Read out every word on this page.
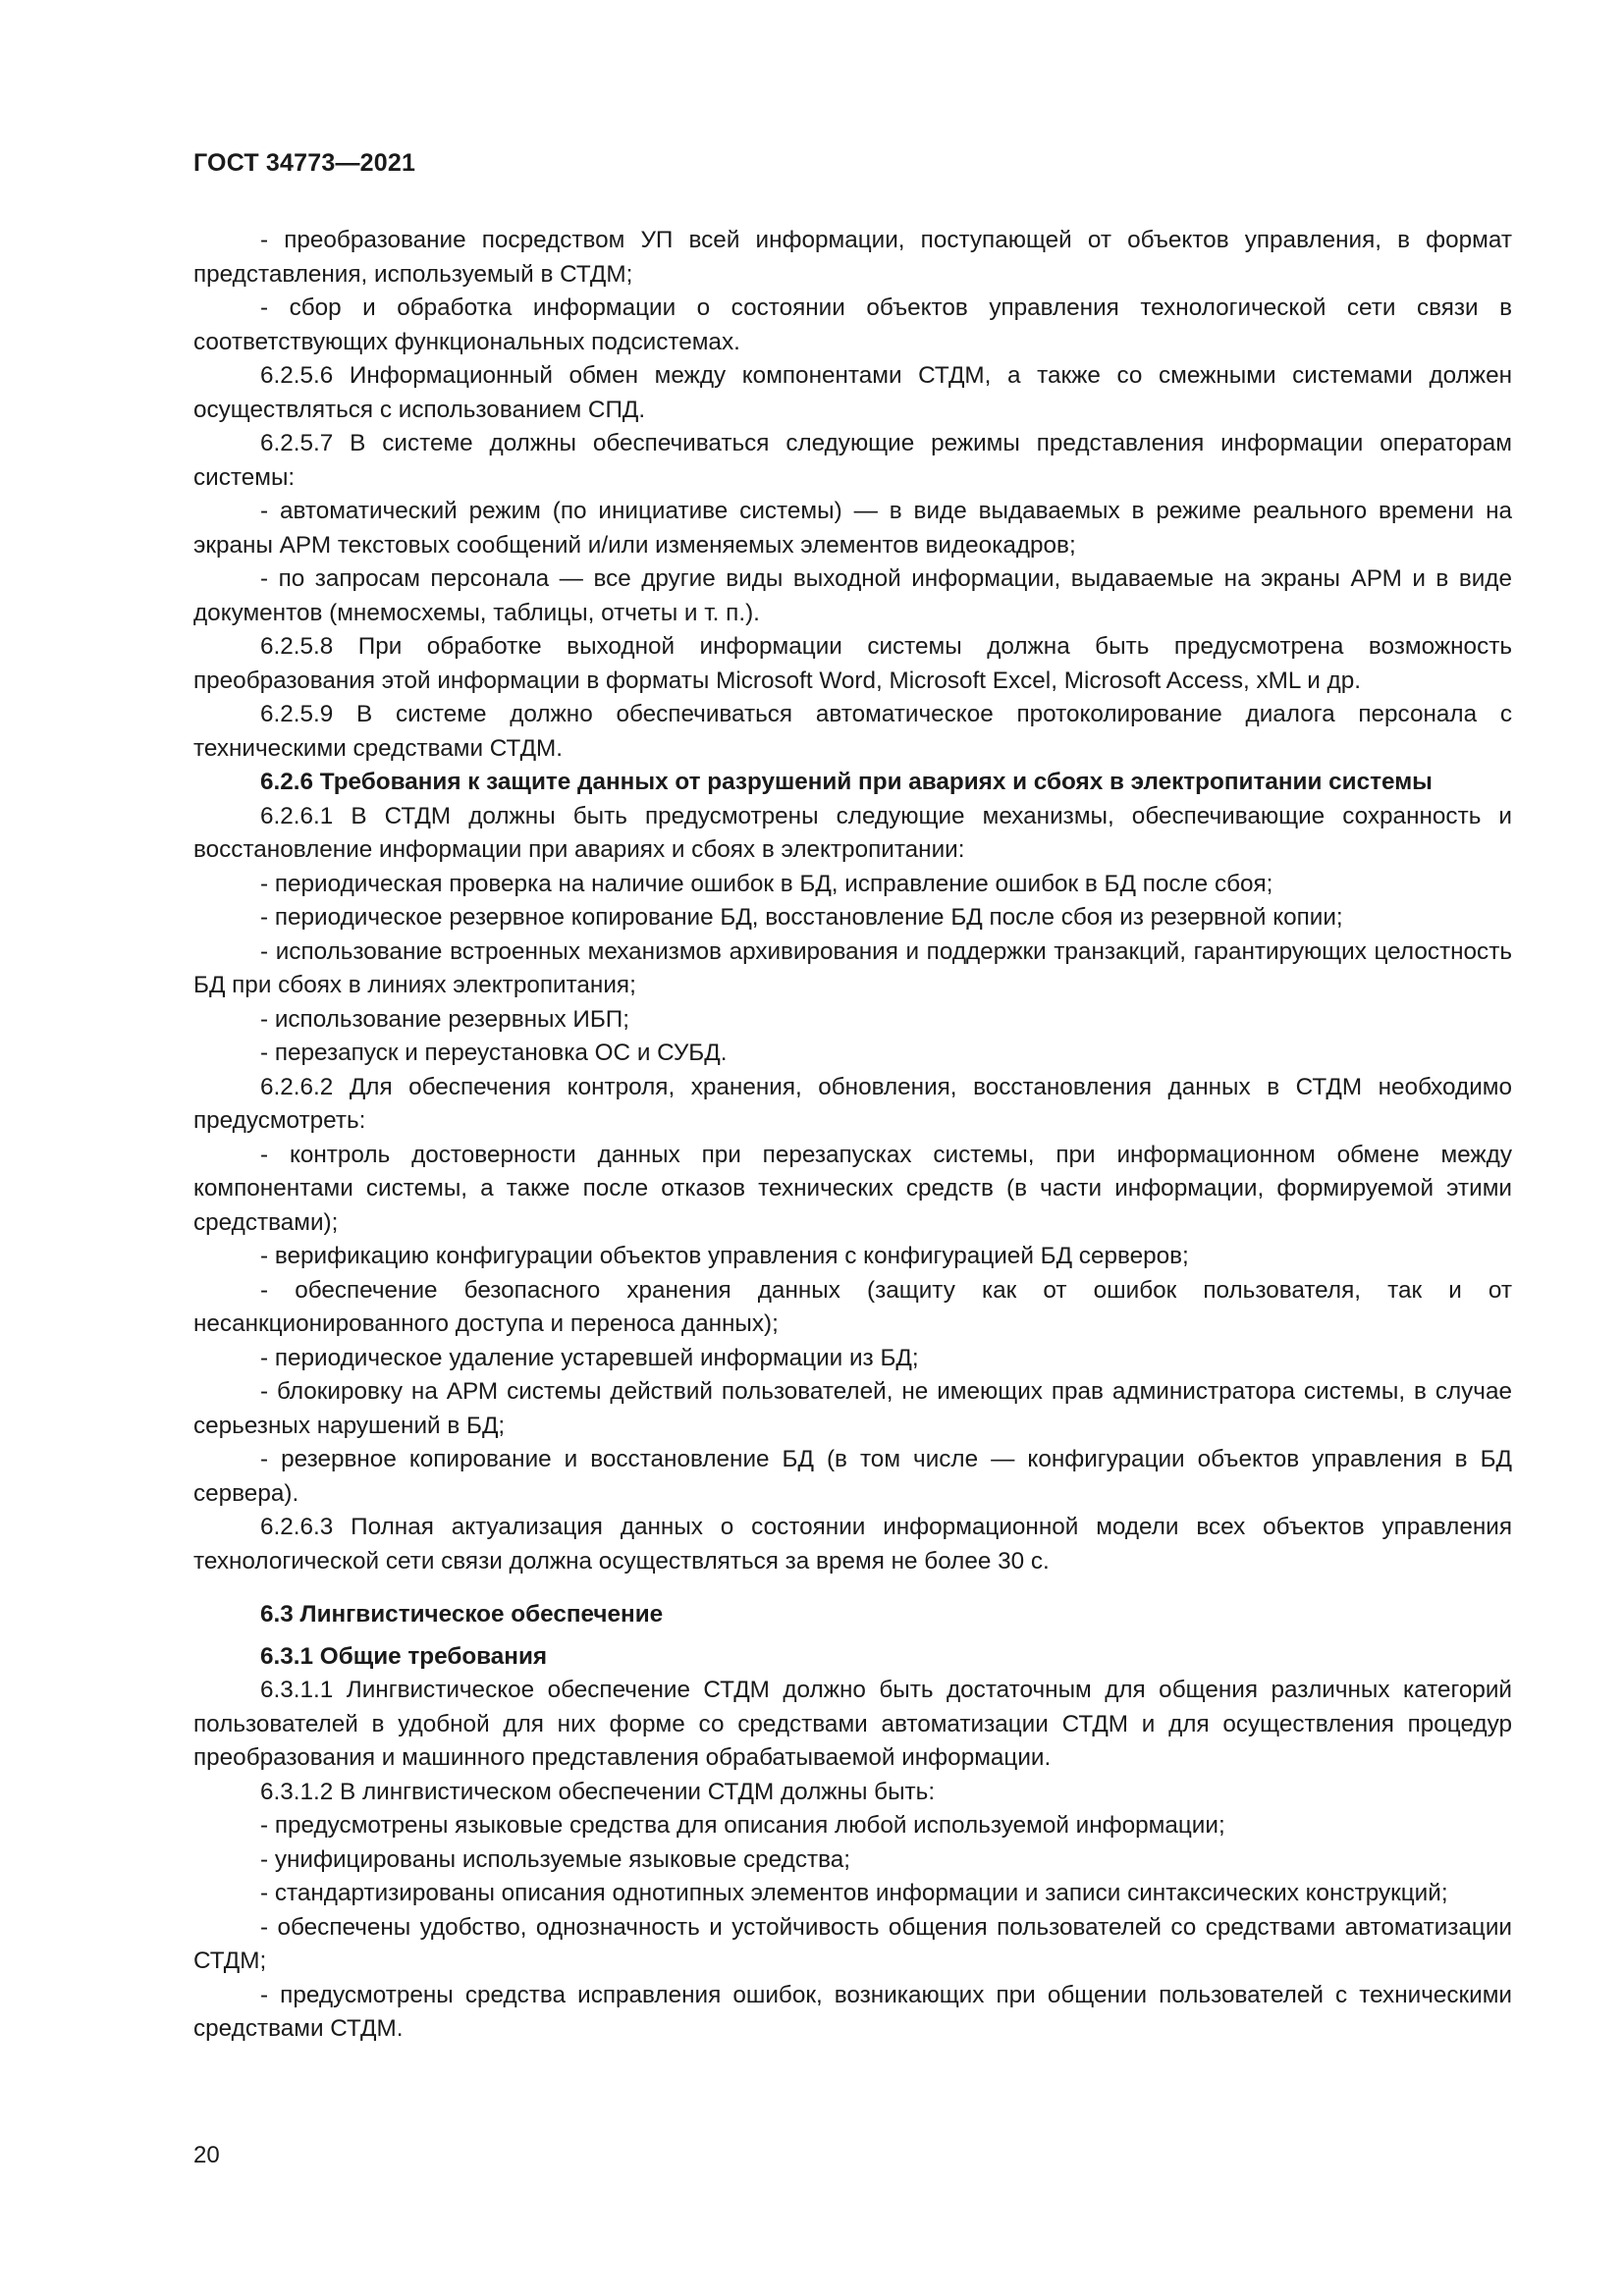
ГОСТ 34773—2021

- преобразование посредством УП всей информации, поступающей от объектов управления, в формат представления, используемый в СТДМ;

- сбор и обработка информации о состоянии объектов управления технологической сети связи в соответствующих функциональных подсистемах.

6.2.5.6 Информационный обмен между компонентами СТДМ, а также со смежными системами должен осуществляться с использованием СПД.

6.2.5.7 В системе должны обеспечиваться следующие режимы представления информации операторам системы:

- автоматический режим (по инициативе системы) — в виде выдаваемых в режиме реального времени на экраны АРМ текстовых сообщений и/или изменяемых элементов видеокадров;

- по запросам персонала — все другие виды выходной информации, выдаваемые на экраны АРМ и в виде документов (мнемосхемы, таблицы, отчеты и т. п.).

6.2.5.8 При обработке выходной информации системы должна быть предусмотрена возможность преобразования этой информации в форматы Microsoft Word, Microsoft Excel, Microsoft Access, xML и др.

6.2.5.9 В системе должно обеспечиваться автоматическое протоколирование диалога персонала с техническими средствами СТДМ.

6.2.6 Требования к защите данных от разрушений при авариях и сбоях в электропитании системы

6.2.6.1 В СТДМ должны быть предусмотрены следующие механизмы, обеспечивающие сохранность и восстановление информации при авариях и сбоях в электропитании:

- периодическая проверка на наличие ошибок в БД, исправление ошибок в БД после сбоя;

- периодическое резервное копирование БД, восстановление БД после сбоя из резервной копии;

- использование встроенных механизмов архивирования и поддержки транзакций, гарантирующих целостность БД при сбоях в линиях электропитания;

- использование резервных ИБП;

- перезапуск и переустановка ОС и СУБД.

6.2.6.2 Для обеспечения контроля, хранения, обновления, восстановления данных в СТДМ необходимо предусмотреть:

- контроль достоверности данных при перезапусках системы, при информационном обмене между компонентами системы, а также после отказов технических средств (в части информации, формируемой этими средствами);

- верификацию конфигурации объектов управления с конфигурацией БД серверов;

- обеспечение безопасного хранения данных (защиту как от ошибок пользователя, так и от несанкционированного доступа и переноса данных);

- периодическое удаление устаревшей информации из БД;

- блокировку на АРМ системы действий пользователей, не имеющих прав администратора системы, в случае серьезных нарушений в БД;

- резервное копирование и восстановление БД (в том числе — конфигурации объектов управления в БД сервера).

6.2.6.3 Полная актуализация данных о состоянии информационной модели всех объектов управления технологической сети связи должна осуществляться за время не более 30 с.

6.3 Лингвистическое обеспечение

6.3.1 Общие требования

6.3.1.1 Лингвистическое обеспечение СТДМ должно быть достаточным для общения различных категорий пользователей в удобной для них форме со средствами автоматизации СТДМ и для осуществления процедур преобразования и машинного представления обрабатываемой информации.

6.3.1.2 В лингвистическом обеспечении СТДМ должны быть:

- предусмотрены языковые средства для описания любой используемой информации;

- унифицированы используемые языковые средства;

- стандартизированы описания однотипных элементов информации и записи синтаксических конструкций;

- обеспечены удобство, однозначность и устойчивость общения пользователей со средствами автоматизации СТДМ;

- предусмотрены средства исправления ошибок, возникающих при общении пользователей с техническими средствами СТДМ.

20
